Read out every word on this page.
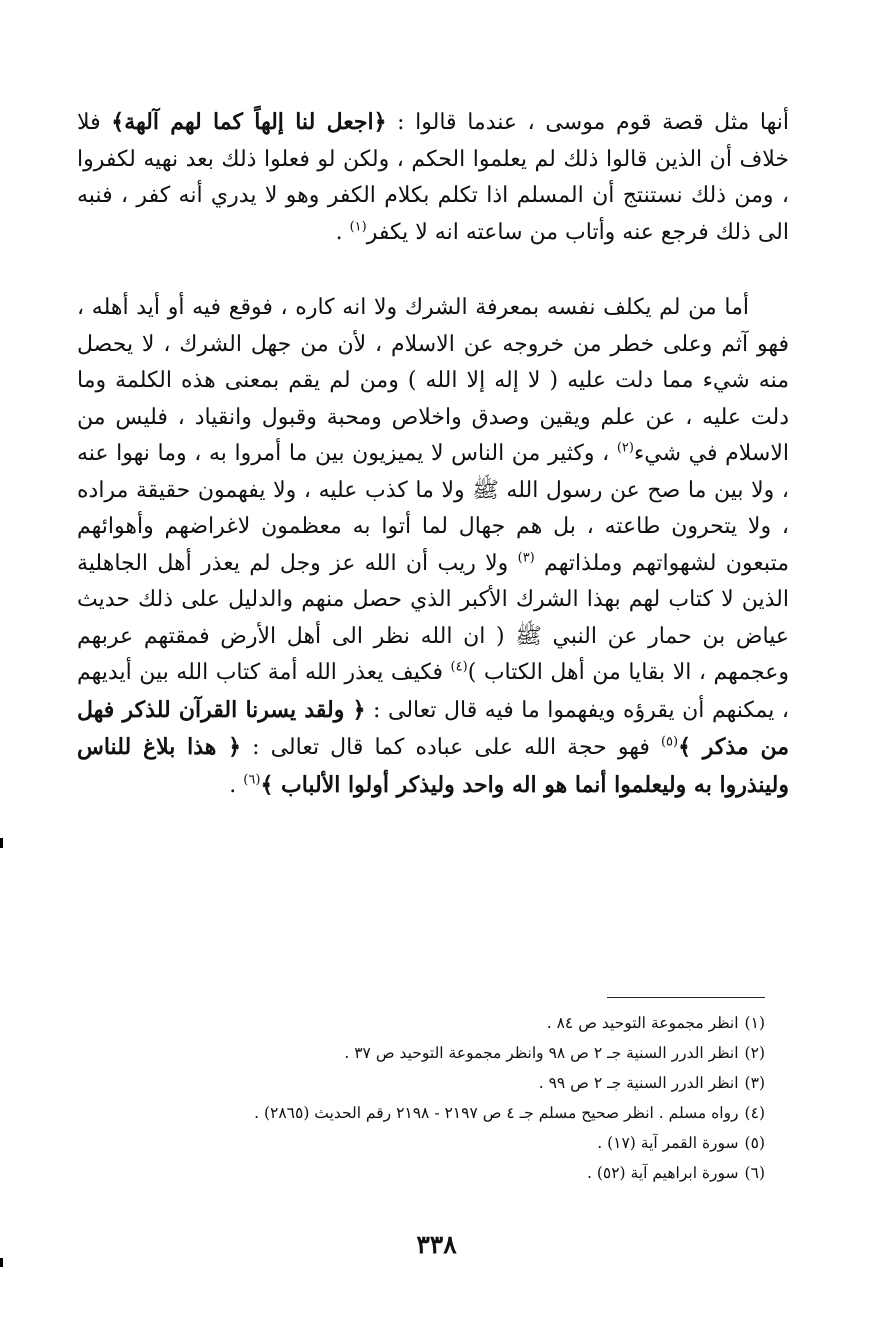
أنها مثل قصة قوم موسى ، عندما قالوا : ﴿اجعل لنا إلهاً كما لهم آلهة﴾ فلا خلاف أن الذين قالوا ذلك لم يعلموا الحكم ، ولكن لو فعلوا ذلك بعد نهيه لكفروا ، ومن ذلك نستنتج أن المسلم اذا تكلم بكلام الكفر وهو لا يدري أنه كفر ، فنبه الى ذلك فرجع عنه وأتاب من ساعته انه لا يكفر$^{(١)}$ .

أما من لم يكلف نفسه بمعرفة الشرك ولا انه كاره ، فوقع فيه أو أيد أهله ، فهو آثم وعلى خطر من خروجه عن الاسلام ، لأن من جهل الشرك ، لا يحصل منه شيء مما دلت عليه ( لا إله إلا الله ) ومن لم يقم بمعنى هذه الكلمة وما دلت عليه ، عن علم ويقين وصدق واخلاص ومحبة وقبول وانقياد ، فليس من الاسلام في شيء$^{(٢)}$ ، وكثير من الناس لا يميزيون بين ما أمروا به ، وما نهوا عنه ، ولا بين ما صح عن رسول الله ﷺ ولا ما كذب عليه ، ولا يفهمون حقيقة مراده ، ولا يتحرون طاعته ، بل هم جهال لما أتوا به معظمون لاغراضهم وأهوائهم متبعون لشهواتهم وملذاتهم $^{(٣)}$ ولا ريب أن الله عز وجل لم يعذر أهل الجاهلية الذين لا كتاب لهم بهذا الشرك الأكبر الذي حصل منهم والدليل على ذلك حديث عياض بن حمار عن النبي ﷺ ( ان الله نظر الى أهل الأرض فمقتهم عربهم وعجمهم ، الا بقايا من أهل الكتاب )$^{(٤)}$ فكيف يعذر الله أمة كتاب الله بين أيديهم ، يمكنهم أن يقرؤه ويفهموا ما فيه قال تعالى : ﴿ ولقد يسرنا القرآن للذكر فهل من مذكر ﴾$^{(٥)}$ فهو حجة الله على عباده كما قال تعالى : ﴿ هذا بلاغ للناس ولينذروا به وليعلموا أنما هو اله واحد وليذكر أولوا الألباب ﴾$^{(٦)}$ .

(١)انظر مجموعة التوحيد ص ٨٤ .
(٢)انظر الدرر السنية جـ ٢ ص ٩٨ وانظر مجموعة التوحيد ص ٣٧ .
(٣)انظر الدرر السنية جـ ٢ ص ٩٩ .
(٤)رواه مسلم . انظر صحيح مسلم جـ ٤ ص ٢١٩٧ - ٢١٩٨ رقم الحديث (٢٨٦٥) .
(٥)سورة القمر آية (١٧) .
(٦)سورة ابراهيم آية (٥٢) .
٣٣٨
